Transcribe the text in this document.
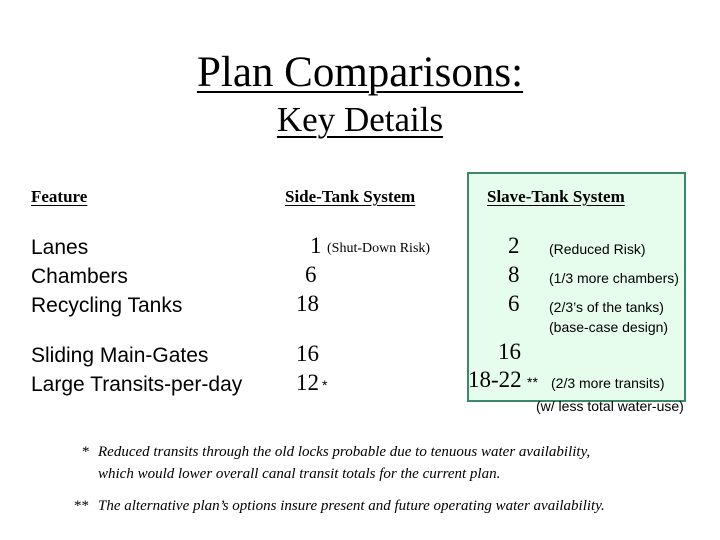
Plan Comparisons:
Key Details
Feature	Side-Tank System	Slave-Tank System
Lanes
Chambers
Recycling Tanks
Sliding Main-Gates
Large Transits-per-day
1 (Shut-Down Risk)
6
18
16
12 *
2 (Reduced Risk)
8 (1/3 more chambers)
6 (2/3’s of the tanks)
(base-case design)
16
18-22 ** (2/3 more transits)
(w/ less total water-use)
* Reduced transits through the old locks probable due to tenuous water availability,
which would lower overall canal transit totals for the current plan.
** The alternative plan’s options insure present and future operating water availability.
